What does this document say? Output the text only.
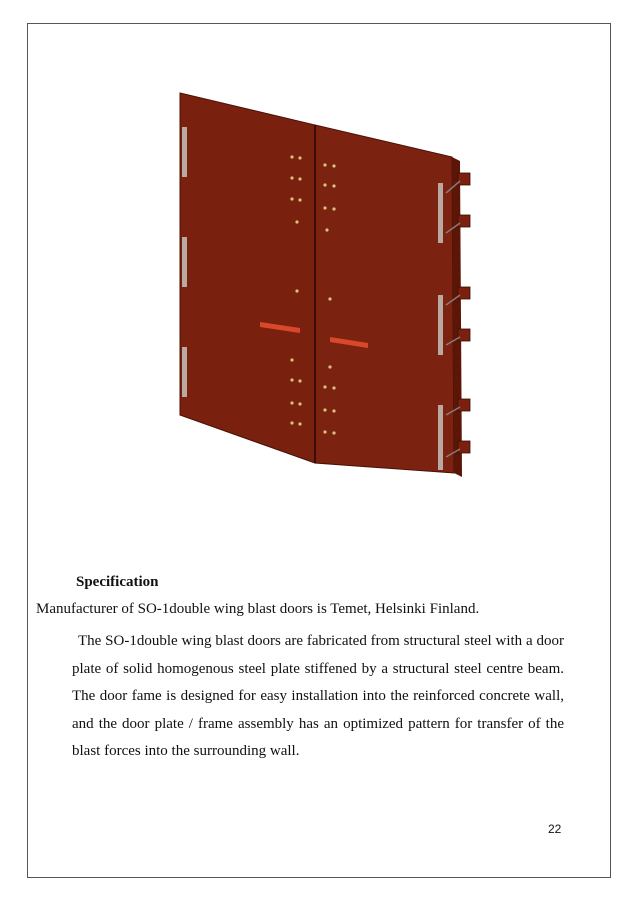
Specification
Manufacturer of SO-1double wing blast doors is Temet, Helsinki Finland.
The SO-1double wing blast doors are fabricated from structural steel with a door plate of solid homogenous steel plate stiffened by a structural steel centre beam. The door fame is designed for easy installation into the reinforced concrete wall, and the door plate / frame assembly has an optimized pattern for transfer of the blast forces into the surrounding wall.
22
